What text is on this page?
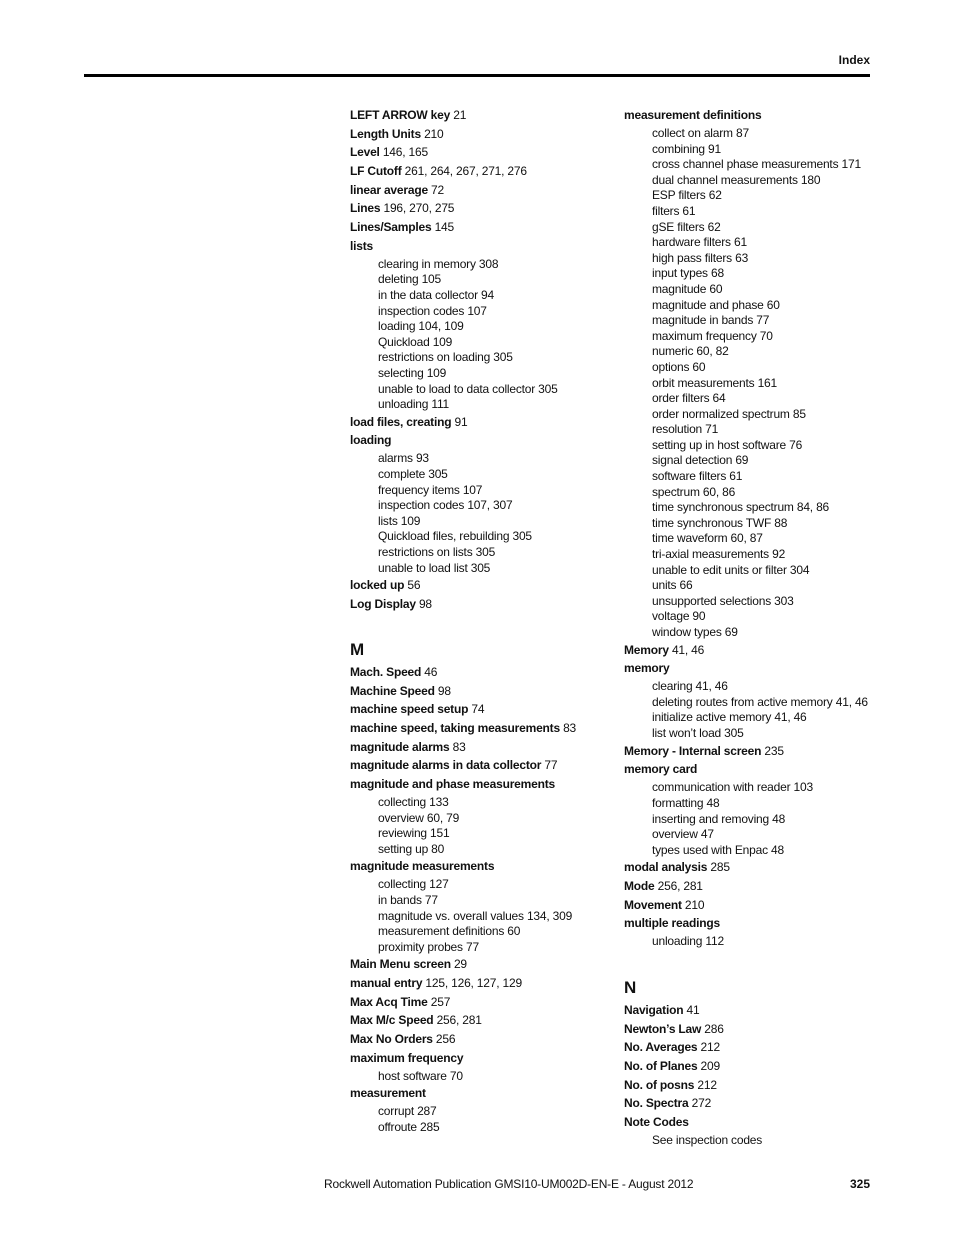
Index
LEFT ARROW key 21
Length Units 210
Level 146, 165
LF Cutoff 261, 264, 267, 271, 276
linear average 72
Lines 196, 270, 275
Lines/Samples 145
lists
clearing in memory 308
deleting 105
in the data collector 94
inspection codes 107
loading 104, 109
Quickload 109
restrictions on loading 305
selecting 109
unable to load to data collector 305
unloading 111
load files, creating 91
loading
alarms 93
complete 305
frequency items 107
inspection codes 107, 307
lists 109
Quickload files, rebuilding 305
restrictions on lists 305
unable to load list 305
locked up 56
Log Display 98
M
Mach. Speed 46
Machine Speed 98
machine speed setup 74
machine speed, taking measurements 83
magnitude alarms 83
magnitude alarms in data collector 77
magnitude and phase measurements
collecting 133
overview 60, 79
reviewing 151
setting up 80
magnitude measurements
collecting 127
in bands 77
magnitude vs. overall values 134, 309
measurement definitions 60
proximity probes 77
Main Menu screen 29
manual entry 125, 126, 127, 129
Max Acq Time 257
Max M/c Speed 256, 281
Max No Orders 256
maximum frequency
host software 70
measurement
corrupt 287
offroute 285
measurement definitions
collect on alarm 87
combining 91
cross channel phase measurements 171
dual channel measurements 180
ESP filters 62
filters 61
gSE filters 62
hardware filters 61
high pass filters 63
input types 68
magnitude 60
magnitude and phase 60
magnitude in bands 77
maximum frequency 70
numeric 60, 82
options 60
orbit measurements 161
order filters 64
order normalized spectrum 85
resolution 71
setting up in host software 76
signal detection 69
software filters 61
spectrum 60, 86
time synchronous spectrum 84, 86
time synchronous TWF 88
time waveform 60, 87
tri-axial measurements 92
unable to edit units or filter 304
units 66
unsupported selections 303
voltage 90
window types 69
Memory 41, 46
memory
clearing 41, 46
deleting routes from active memory 41, 46
initialize active memory 41, 46
list won’t load 305
Memory - Internal screen 235
memory card
communication with reader 103
formatting 48
inserting and removing 48
overview 47
types used with Enpac 48
modal analysis 285
Mode 256, 281
Movement 210
multiple readings
unloading 112
N
Navigation 41
Newton’s Law 286
No. Averages 212
No. of Planes 209
No. of posns 212
No. Spectra 272
Note Codes
See inspection codes
Rockwell Automation Publication GMSI10-UM002D-EN-E - August 2012	325
